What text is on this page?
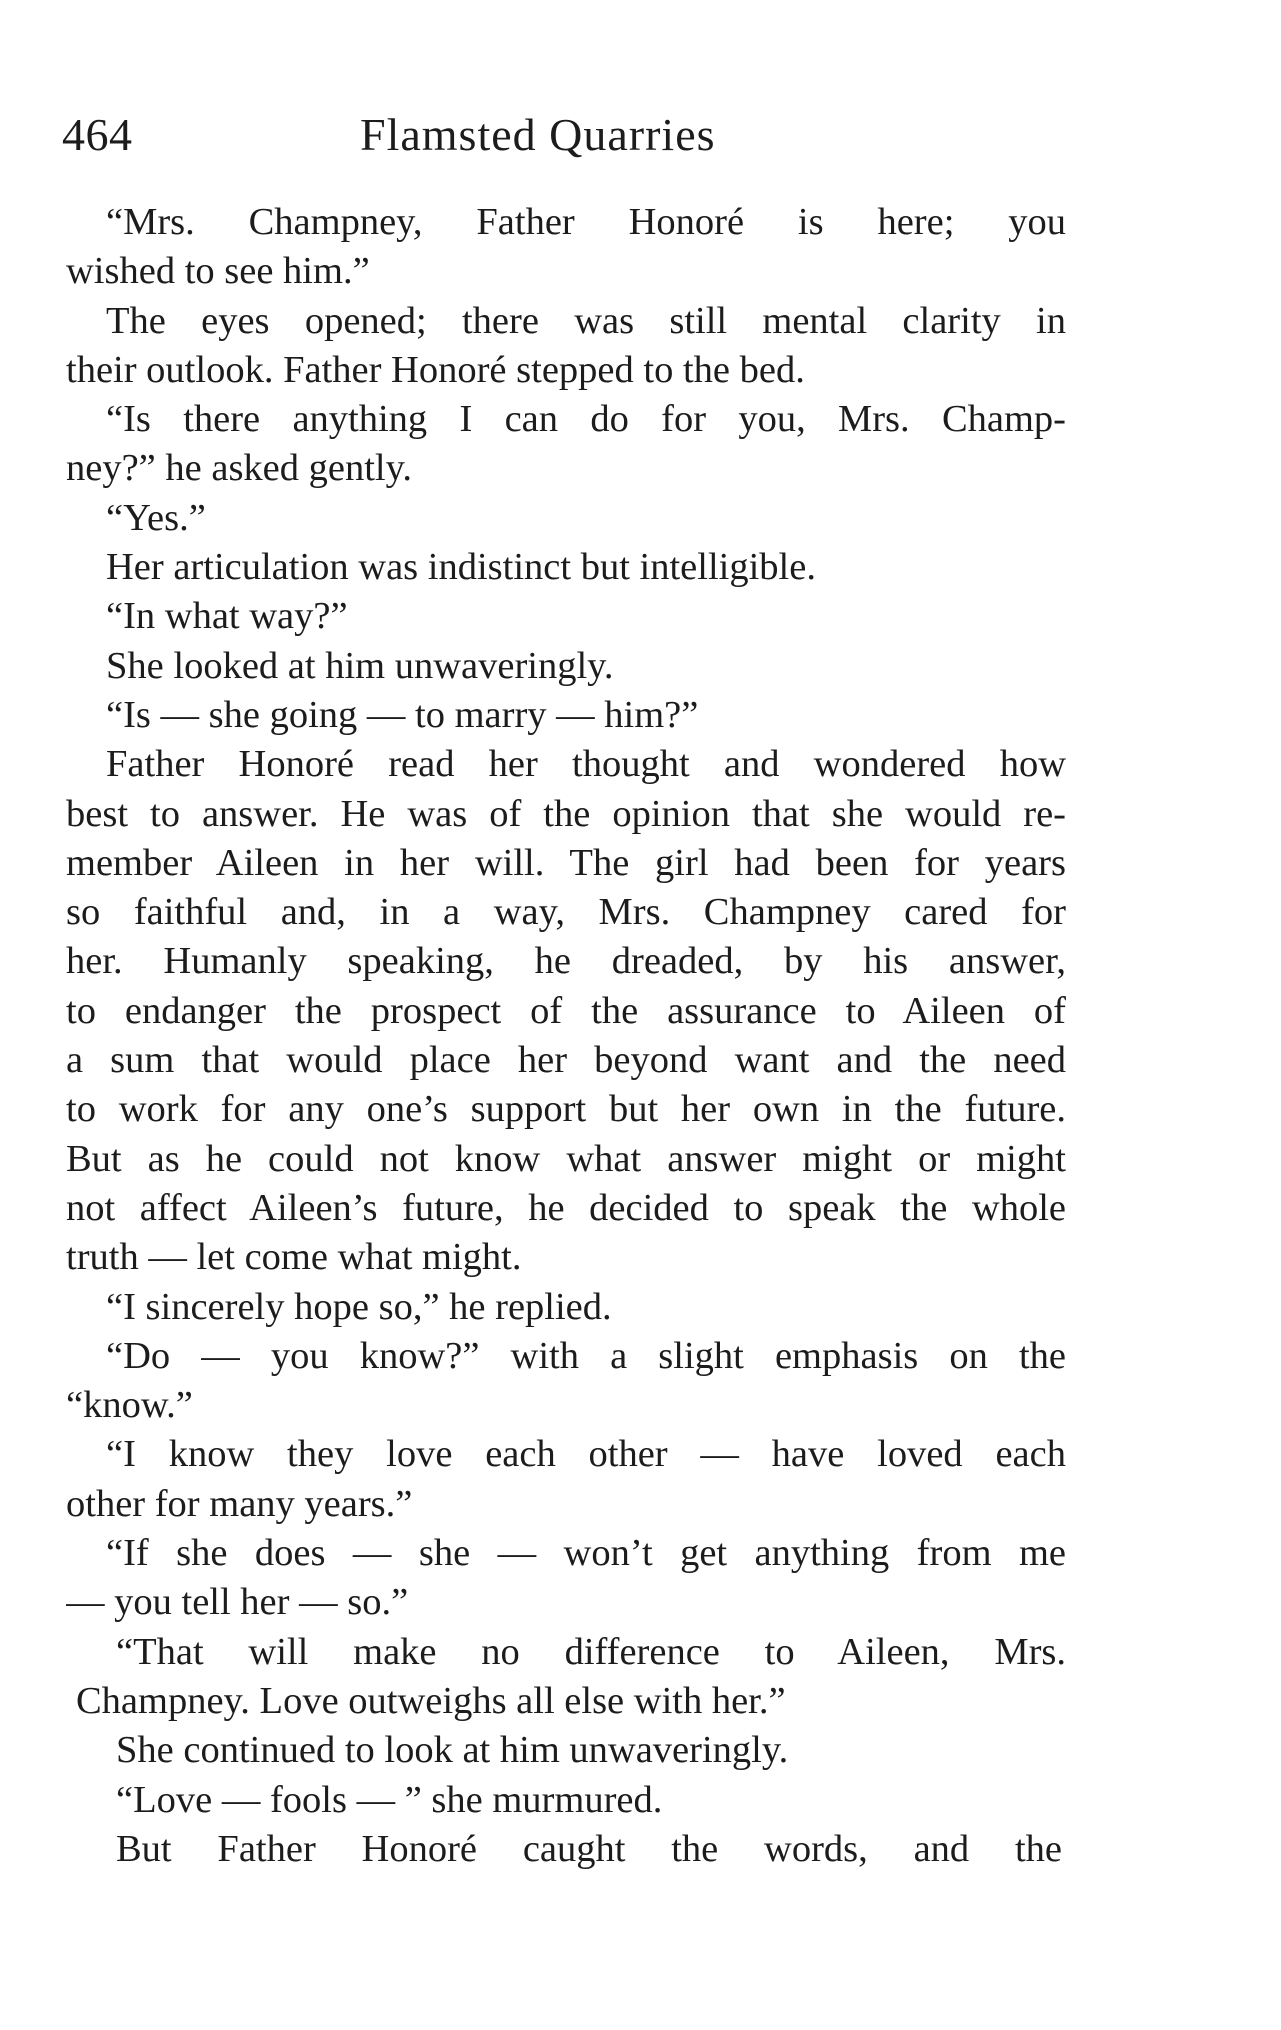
464	Flamsted Quarries
“Mrs. Champney, Father Honoré is here; you
wished to see him.”
The eyes opened; there was still mental clarity in
their outlook. Father Honoré stepped to the bed.
“Is there anything I can do for you, Mrs. Champ-
ney?” he asked gently.
“Yes.”
Her articulation was indistinct but intelligible.
“In what way?”
She looked at him unwaveringly.
“Is — she going — to marry — him?”
Father Honoré read her thought and wondered how
best to answer. He was of the opinion that she would re-
member Aileen in her will. The girl had been for years
so faithful and, in a way, Mrs. Champney cared for
her. Humanly speaking, he dreaded, by his answer,
to endanger the prospect of the assurance to Aileen of
a sum that would place her beyond want and the need
to work for any one’s support but her own in the future.
But as he could not know what answer might or might
not affect Aileen’s future, he decided to speak the whole
truth — let come what might.
“I sincerely hope so,” he replied.
“Do — you know?” with a slight emphasis on the
“know.”
“I know they love each other — have loved each
other for many years.”
“If she does — she — won’t get anything from me
— you tell her — so.”
“That will make no difference to Aileen, Mrs.
Champney. Love outweighs all else with her.”
She continued to look at him unwaveringly.
“Love — fools — ” she murmured.
But Father Honoré caught the words, and the
